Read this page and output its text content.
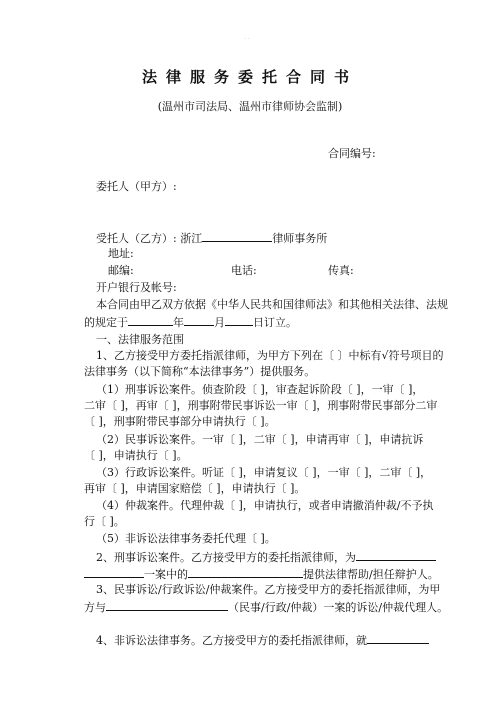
· ·
法律服务委托合同书
(温州市司法局、温州市律师协会监制)
合同编号:
委托人（甲方）:
受托人（乙方）: 浙江	律师事务所
地址:
邮编:	电话:	传真:
开户银行及帐号:
本合同由甲乙双方依据《中华人民共和国律师法》和其他相关法律、法规
的规定于	年	月	日订立。
一、法律服务范围
1、乙方接受甲方委托指派律师，为甲方下列在〔 〕中标有√符号项目的
法律事务（以下简称“本法律事务”）提供服务。
（1）刑事诉讼案件。侦查阶段〔 ]，审查起诉阶段〔 ]，一审〔 ]，
二审〔 ]，再审〔 ]，刑事附带民事诉讼一审〔 ]，刑事附带民事部分二审
〔 ]，刑事附带民事部分申请执行〔 ]。
（2）民事诉讼案件。一审〔 ]，二审〔 ]，申请再审〔 ]，申请抗诉
〔 ]，申请执行〔 ]。
（3）行政诉讼案件。听证〔 ]，申请复议〔 ]，一审〔 ]，二审〔 ]，
再审〔 ]，申请国家赔偿〔 ]，申请执行〔 ]。
（4）仲裁案件。代理仲裁〔 ]，申请执行，或者申请撤消仲裁/不予执
行〔 ]。
（5）非诉讼法律事务委托代理〔 ]。
2、刑事诉讼案件。乙方接受甲方的委托指派律师，为
一案中的	提供法律帮助/担任辩护人。
3、民事诉讼/行政诉讼/仲裁案件。乙方接受甲方的委托指派律师，为甲
方与	（民事/行政/仲裁）一案的诉讼/仲裁代理人。
4、非诉讼法律事务。乙方接受甲方的委托指派律师，就
